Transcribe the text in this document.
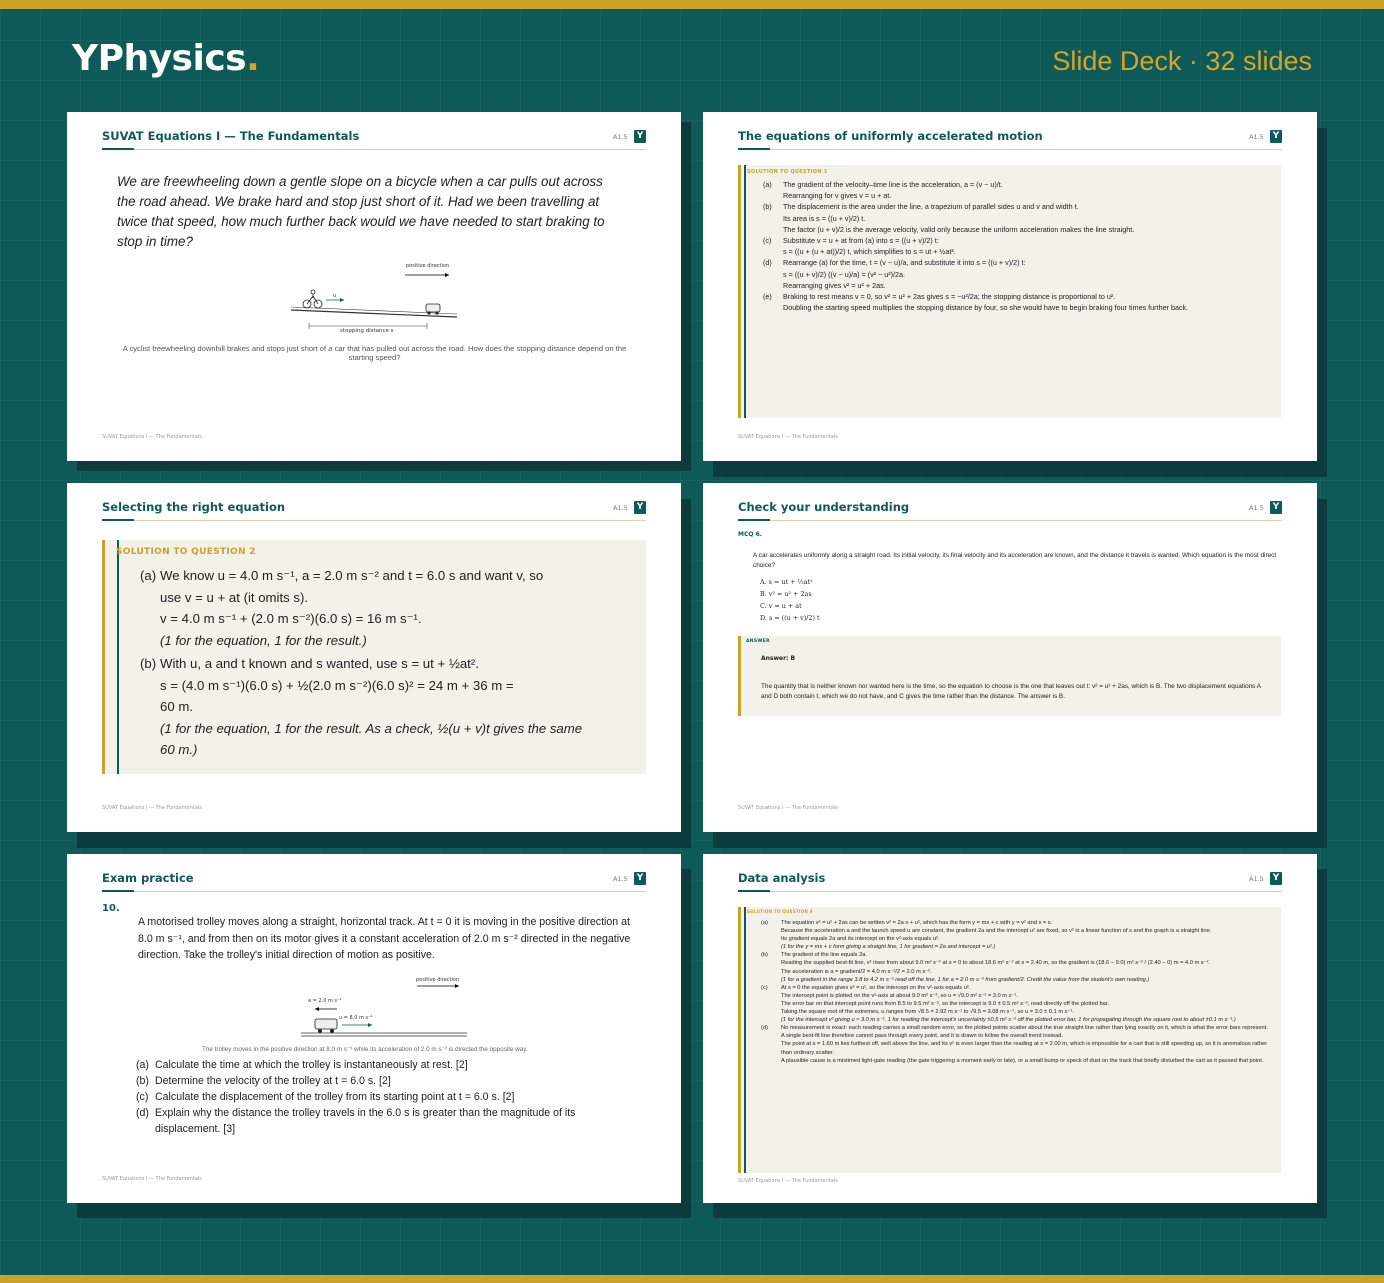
YPhysics.	Slide Deck · 32 slides
SUVAT Equations I — The Fundamentals	A1.5 Y
We are freewheeling down a gentle slope on a bicycle when a car pulls out across the road ahead. We brake hard and stop just short of it. Had we been travelling at twice that speed, how much further back would we have needed to start braking to stop in time?
positive direction
u
stopping distance s
A cyclist freewheeling downhill brakes and stops just short of a car that has pulled out across the road. How does the stopping distance depend on the starting speed?
SUVAT Equations I — The Fundamentals
The equations of uniformly accelerated motion	A1.5 Y
SOLUTION TO QUESTION 1
(a)	The gradient of the velocity–time line is the acceleration, a = (v − u)/t.
Rearranging for v gives v = u + at.
(b)	The displacement is the area under the line, a trapezium of parallel sides u and v and width t.
Its area is s = ((u + v)/2) t.
The factor (u + v)/2 is the average velocity, valid only because the uniform acceleration makes the line straight.
(c)	Substitute v = u + at from (a) into s = ((u + v)/2) t:
s = ((u + (u + at))/2) t, which simplifies to s = ut + ½at².
(d)	Rearrange (a) for the time, t = (v − u)/a, and substitute it into s = ((u + v)/2) t:
s = ((u + v)/2) ((v − u)/a) = (v² − u²)/2a.
Rearranging gives v² = u² + 2as.
(e)	Braking to rest means v = 0, so v² = u² + 2as gives s = −u²/2a; the stopping distance is proportional to u².
Doubling the starting speed multiplies the stopping distance by four, so she would have to begin braking four times further back.
SUVAT Equations I — The Fundamentals
Selecting the right equation	A1.5 Y
SOLUTION TO QUESTION 2
(a) We know u = 4.0 m s⁻¹, a = 2.0 m s⁻² and t = 6.0 s and want v, so
use v = u + at (it omits s).
v = 4.0 m s⁻¹ + (2.0 m s⁻²)(6.0 s) = 16 m s⁻¹.
(1 for the equation, 1 for the result.)
(b) With u, a and t known and s wanted, use s = ut + ½at².
s = (4.0 m s⁻¹)(6.0 s) + ½(2.0 m s⁻²)(6.0 s)² = 24 m + 36 m =
60 m.
(1 for the equation, 1 for the result. As a check, ½(u + v)t gives the same
60 m.)
SUVAT Equations I — The Fundamentals
Check your understanding	A1.5 Y
MCQ 6.
A car accelerates uniformly along a straight road. Its initial velocity, its final velocity and its acceleration are known, and the distance it travels is wanted. Which equation is the most direct choice?
A. s = ut + ½at²
B. v² = u² + 2as
C. v = u + at
D. s = ((u + v)/2) t
ANSWER
Answer: B
The quantity that is neither known nor wanted here is the time, so the equation to choose is the one that leaves out t: v² = u² + 2as, which is B. The two displacement equations A and D both contain t, which we do not have, and C gives the time rather than the distance. The answer is B.
SUVAT Equations I — The Fundamentals
Exam practice	A1.5 Y
10.
A motorised trolley moves along a straight, horizontal track. At t = 0 it is moving in the positive direction at 8.0 m s⁻¹, and from then on its motor gives it a constant acceleration of 2.0 m s⁻² directed in the negative direction. Take the trolley's initial direction of motion as positive.
positive direction
a = 2.0 m s⁻²
u = 8.0 m s⁻¹
The trolley moves in the positive direction at 8.0 m s⁻¹ while its acceleration of 2.0 m s⁻² is directed the opposite way.
(a) Calculate the time at which the trolley is instantaneously at rest. [2]
(b) Determine the velocity of the trolley at t = 6.0 s. [2]
(c) Calculate the displacement of the trolley from its starting point at t = 6.0 s. [2]
(d) Explain why the distance the trolley travels in the 6.0 s is greater than the magnitude of its displacement. [3]
SUVAT Equations I — The Fundamentals
Data analysis	A1.5 Y
SOLUTION TO QUESTION 9
(a)	The equation v² = u² + 2as can be written v² = 2a s + u², which has the form y = mx + c with y = v² and x = s.
Because the acceleration a and the launch speed u are constant, the gradient 2a and the intercept u² are fixed, so v² is a linear function of s and the graph is a straight line.
Its gradient equals 2a and its intercept on the v²-axis equals u².
(1 for the y = mx + c form giving a straight line, 1 for gradient = 2a and intercept = u².)
(b)	The gradient of the line equals 2a.
Reading the supplied best-fit line, v² rises from about 9.0 m² s⁻² at s = 0 to about 18.6 m² s⁻² at s = 2.40 m, so the gradient is (18.6 − 9.0) m² s⁻² / (2.40 − 0) m = 4.0 m s⁻².
The acceleration is a = gradient/2 = 4.0 m s⁻²/2 = 2.0 m s⁻².
(1 for a gradient in the range 3.8 to 4.2 m s⁻² read off the line, 1 for a = 2.0 m s⁻² from gradient/2. Credit the value from the student's own reading.)
(c)	At s = 0 the equation gives v² = u², so the intercept on the v²-axis equals u².
The intercept point is plotted on the v²-axis at about 9.0 m² s⁻², so u = √9.0 m² s⁻² = 3.0 m s⁻¹.
The error bar on that intercept point runs from 8.5 to 9.5 m² s⁻², so the intercept is 9.0 ± 0.5 m² s⁻², read directly off the plotted bar.
Taking the square root of the extremes, u ranges from √8.5 = 2.92 m s⁻¹ to √9.5 = 3.08 m s⁻¹, so u = 3.0 ± 0.1 m s⁻¹.
(1 for the intercept v² giving u ≈ 3.0 m s⁻¹, 1 for reading the intercept's uncertainty ±0.5 m² s⁻² off the plotted error bar, 1 for propagating through the square root to about ±0.1 m s⁻¹.)
(d)	No measurement is exact: each reading carries a small random error, so the plotted points scatter about the true straight line rather than lying exactly on it, which is what the error bars represent.
A single best-fit line therefore cannot pass through every point, and it is drawn to follow the overall trend instead.
The point at s = 1.60 m lies furthest off, well above the line, and its v² is even larger than the reading at s = 2.00 m, which is impossible for a cart that is still speeding up, so it is anomalous rather than ordinary scatter.
A plausible cause is a mistimed light-gate reading (the gate triggering a moment early or late), or a small bump or speck of dust on the track that briefly disturbed the cart as it passed that point.
SUVAT Equations I — The Fundamentals
